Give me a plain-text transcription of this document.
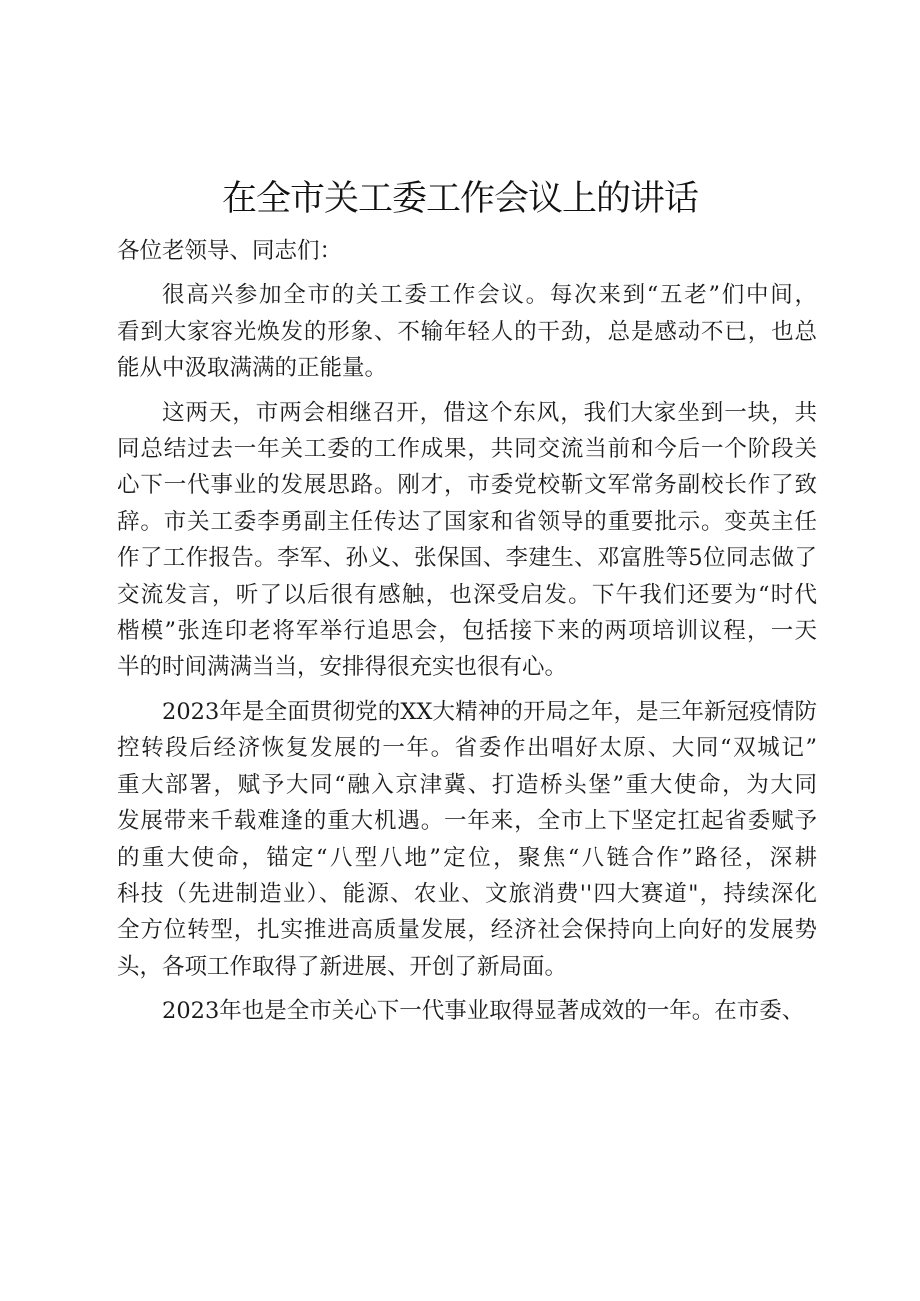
在全市关工委工作会议上的讲话
各位老领导、同志们：
很高兴参加全市的关工委工作会议。每次来到“五老”们中间，
看到大家容光焕发的形象、不输年轻人的干劲，总是感动不已，也总
能从中汲取满满的正能量。
这两天，市两会相继召开，借这个东风，我们大家坐到一块，共
同总结过去一年关工委的工作成果，共同交流当前和今后一个阶段关
心下一代事业的发展思路。刚才，市委党校靳文军常务副校长作了致
辞。市关工委李勇副主任传达了国家和省领导的重要批示。变英主任
作了工作报告。李军、孙义、张保国、李建生、邓富胜等5位同志做了
交流发言，听了以后很有感触，也深受启发。下午我们还要为“时代
楷模”张连印老将军举行追思会，包括接下来的两项培训议程，一天
半的时间满满当当，安排得很充实也很有心。
2023年是全面贯彻党的XX大精神的开局之年，是三年新冠疫情防
控转段后经济恢复发展的一年。省委作出唱好太原、大同“双城记”
重大部署，赋予大同“融入京津冀、打造桥头堡”重大使命，为大同
发展带来千载难逢的重大机遇。一年来，全市上下坚定扛起省委赋予
的重大使命，锚定“八型八地”定位，聚焦“八链合作”路径，深耕
科技（先进制造业）、能源、农业、文旅消费''四大赛道"，持续深化
全方位转型，扎实推进高质量发展，经济社会保持向上向好的发展势
头，各项工作取得了新进展、开创了新局面。
2023年也是全市关心下一代事业取得显著成效的一年。在市委、
